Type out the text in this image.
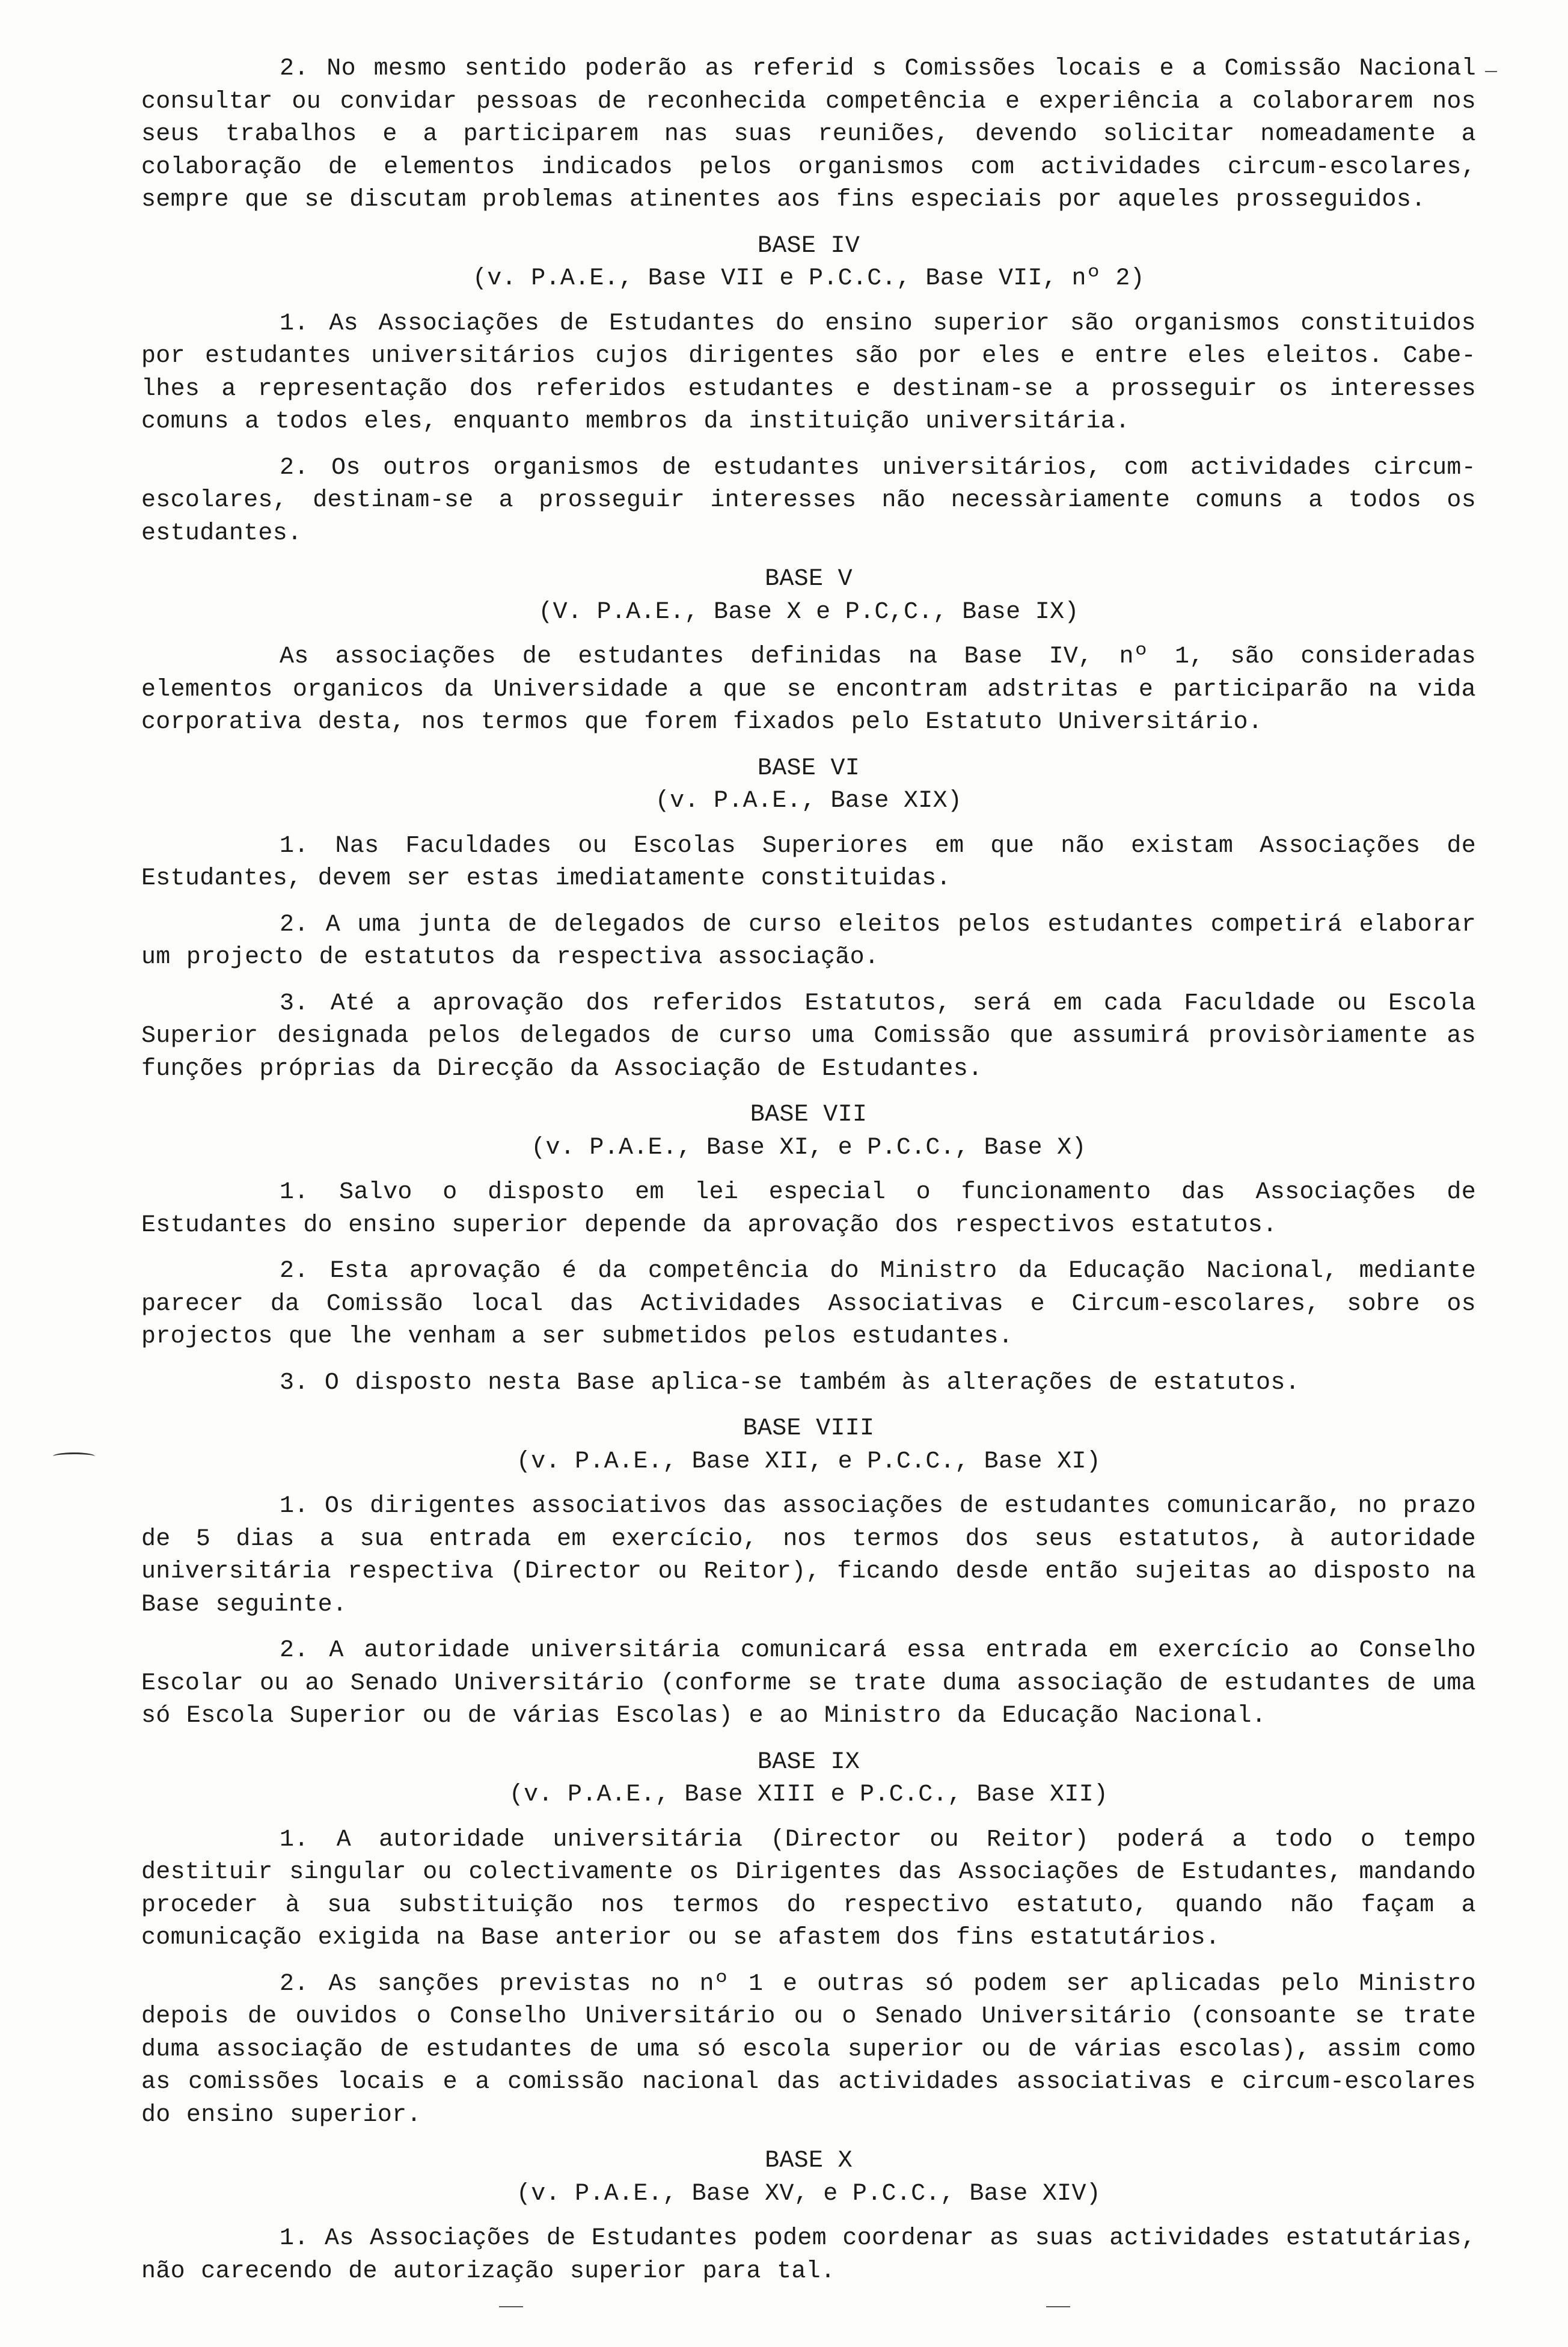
2. No mesmo sentido poderão as referid s Comissões locais e a Comissão Nacional consultar ou convidar pessoas de reconhecida competência e experiência a colaborarem nos seus trabalhos e a participarem nas suas reuniões, devendo solicitar nomeadamente a colaboração de elementos indicados pelos organismos com actividades circum-escolares, sempre que se discutam problemas atinentes aos fins especiais por aqueles prosseguidos.

BASE IV
(v. P.A.E., Base VII e P.C.C., Base VII, nº 2)

1. As Associações de Estudantes do ensino superior são organismos constituidos por estudantes universitários cujos dirigentes são por eles e entre eles eleitos. Cabe-lhes a representação dos referidos estudantes e destinam-se a prosseguir os interesses comuns a todos eles, enquanto membros da instituição universitária.

2. Os outros organismos de estudantes universitários, com actividades circum-escolares, destinam-se a prosseguir interesses não necessàriamente comuns a todos os estudantes.

BASE V
(V. P.A.E., Base X e P.C,C., Base IX)

As associações de estudantes definidas na Base IV, nº 1, são consideradas elementos organicos da Universidade a que se encontram adstritas e participarão na vida corporativa desta, nos termos que forem fixados pelo Estatuto Universitário.

BASE VI
(v. P.A.E., Base XIX)

1. Nas Faculdades ou Escolas Superiores em que não existam Associações de Estudantes, devem ser estas imediatamente constituidas.

2. A uma junta de delegados de curso eleitos pelos estudantes competirá elaborar um projecto de estatutos da respectiva associação.

3. Até a aprovação dos referidos Estatutos, será em cada Faculdade ou Escola Superior designada pelos delegados de curso uma Comissão que assumirá provisòriamente as funções próprias da Direcção da Associação de Estudantes.

BASE VII
(v. P.A.E., Base XI, e P.C.C., Base X)

1. Salvo o disposto em lei especial o funcionamento das Associações de Estudantes do ensino superior depende da aprovação dos respectivos estatutos.

2. Esta aprovação é da competência do Ministro da Educação Nacional, mediante parecer da Comissão local das Actividades Associativas e Circum-escolares, sobre os projectos que lhe venham a ser submetidos pelos estudantes.

3. O disposto nesta Base aplica-se também às alterações de estatutos.

BASE VIII
(v. P.A.E., Base XII, e P.C.C., Base XI)

1. Os dirigentes associativos das associações de estudantes comunicarão, no prazo de 5 dias a sua entrada em exercício, nos termos dos seus estatutos, à autoridade universitária respectiva (Director ou Reitor), ficando desde então sujeitas ao disposto na Base seguinte.

2. A autoridade universitária comunicará essa entrada em exercício ao Conselho Escolar ou ao Senado Universitário (conforme se trate duma associação de estudantes de uma só Escola Superior ou de várias Escolas) e ao Ministro da Educação Nacional.

BASE IX
(v. P.A.E., Base XIII e P.C.C., Base XII)

1. A autoridade universitária (Director ou Reitor) poderá a todo o tempo destituir singular ou colectivamente os Dirigentes das Associações de Estudantes, mandando proceder à sua substituição nos termos do respectivo estatuto, quando não façam a comunicação exigida na Base anterior ou se afastem dos fins estatutários.

2. As sanções previstas no nº 1 e outras só podem ser aplicadas pelo Ministro depois de ouvidos o Conselho Universitário ou o Senado Universitário (consoante se trate duma associação de estudantes de uma só escola superior ou de várias escolas), assim como as comissões locais e a comissão nacional das actividades associativas e circum-escolares do ensino superior.

BASE X
(v. P.A.E., Base XV, e P.C.C., Base XIV)

1. As Associações de Estudantes podem coordenar as suas actividades estatutárias, não carecendo de autorização superior para tal.
